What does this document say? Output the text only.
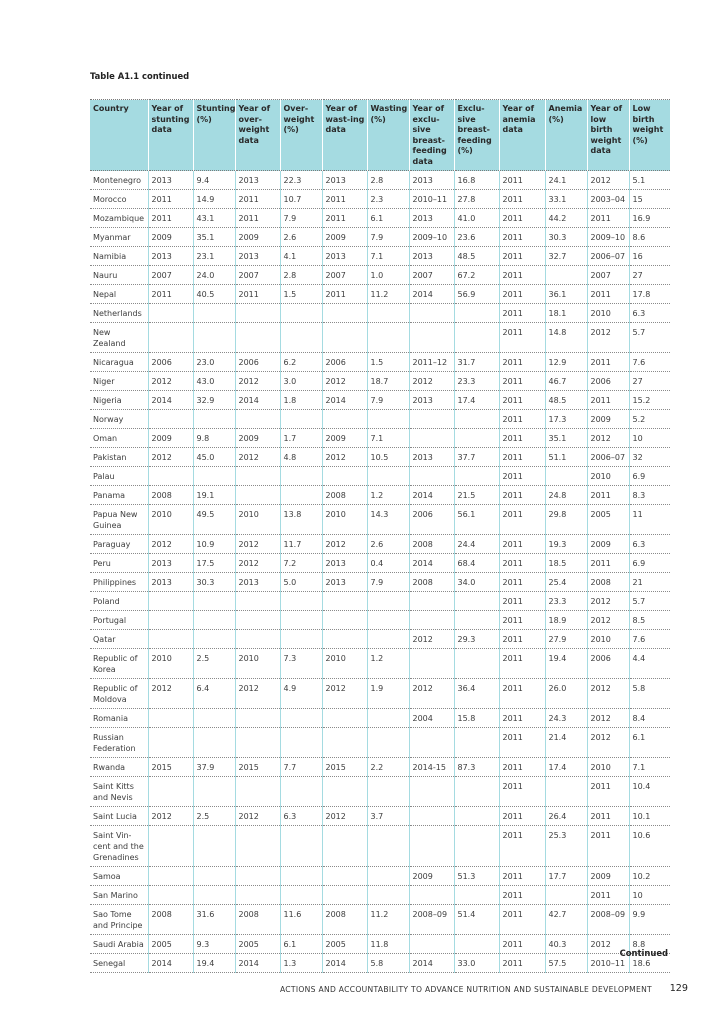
Table A1.1 continued
Country	Year of stunting data	Stunting (%)	Year of over-weight data	Over-weight (%)	Year of wast-ing data	Wasting (%)	Year of exclu-sive breast-feeding data	Exclu-sive breast-feeding (%)	Year of anemia data	Anemia (%)	Year of low birth weight data	Low birth weight (%)
Montenegro	2013	9.4	2013	22.3	2013	2.8	2013	16.8	2011	24.1	2012	5.1
Morocco	2011	14.9	2011	10.7	2011	2.3	2010–11	27.8	2011	33.1	2003–04	15
Mozambique	2011	43.1	2011	7.9	2011	6.1	2013	41.0	2011	44.2	2011	16.9
Myanmar	2009	35.1	2009	2.6	2009	7.9	2009–10	23.6	2011	30.3	2009–10	8.6
Namibia	2013	23.1	2013	4.1	2013	7.1	2013	48.5	2011	32.7	2006–07	16
Nauru	2007	24.0	2007	2.8	2007	1.0	2007	67.2	2011		2007	27
Nepal	2011	40.5	2011	1.5	2011	11.2	2014	56.9	2011	36.1	2011	17.8
Netherlands									2011	18.1	2010	6.3
New Zealand									2011	14.8	2012	5.7
Nicaragua	2006	23.0	2006	6.2	2006	1.5	2011–12	31.7	2011	12.9	2011	7.6
Niger	2012	43.0	2012	3.0	2012	18.7	2012	23.3	2011	46.7	2006	27
Nigeria	2014	32.9	2014	1.8	2014	7.9	2013	17.4	2011	48.5	2011	15.2
Norway									2011	17.3	2009	5.2
Oman	2009	9.8	2009	1.7	2009	7.1			2011	35.1	2012	10
Pakistan	2012	45.0	2012	4.8	2012	10.5	2013	37.7	2011	51.1	2006–07	32
Palau									2011		2010	6.9
Panama	2008	19.1			2008	1.2	2014	21.5	2011	24.8	2011	8.3
Papua New Guinea	2010	49.5	2010	13.8	2010	14.3	2006	56.1	2011	29.8	2005	11
Paraguay	2012	10.9	2012	11.7	2012	2.6	2008	24.4	2011	19.3	2009	6.3
Peru	2013	17.5	2012	7.2	2013	0.4	2014	68.4	2011	18.5	2011	6.9
Philippines	2013	30.3	2013	5.0	2013	7.9	2008	34.0	2011	25.4	2008	21
Poland									2011	23.3	2012	5.7
Portugal									2011	18.9	2012	8.5
Qatar							2012	29.3	2011	27.9	2010	7.6
Republic of Korea	2010	2.5	2010	7.3	2010	1.2			2011	19.4	2006	4.4
Republic of Moldova	2012	6.4	2012	4.9	2012	1.9	2012	36.4	2011	26.0	2012	5.8
Romania							2004	15.8	2011	24.3	2012	8.4
Russian Federation									2011	21.4	2012	6.1
Rwanda	2015	37.9	2015	7.7	2015	2.2	2014-15	87.3	2011	17.4	2010	7.1
Saint Kitts and Nevis									2011		2011	10.4
Saint Lucia	2012	2.5	2012	6.3	2012	3.7			2011	26.4	2011	10.1
Saint Vin-cent and the Grenadines									2011	25.3	2011	10.6
Samoa							2009	51.3	2011	17.7	2009	10.2
San Marino									2011		2011	10
Sao Tome and Principe	2008	31.6	2008	11.6	2008	11.2	2008–09	51.4	2011	42.7	2008–09	9.9
Saudi Arabia	2005	9.3	2005	6.1	2005	11.8			2011	40.3	2012	8.8
Senegal	2014	19.4	2014	1.3	2014	5.8	2014	33.0	2011	57.5	2010–11	18.6
Continued
ACTIONS AND ACCOUNTABILITY TO ADVANCE NUTRITION AND SUSTAINABLE DEVELOPMENT	129
